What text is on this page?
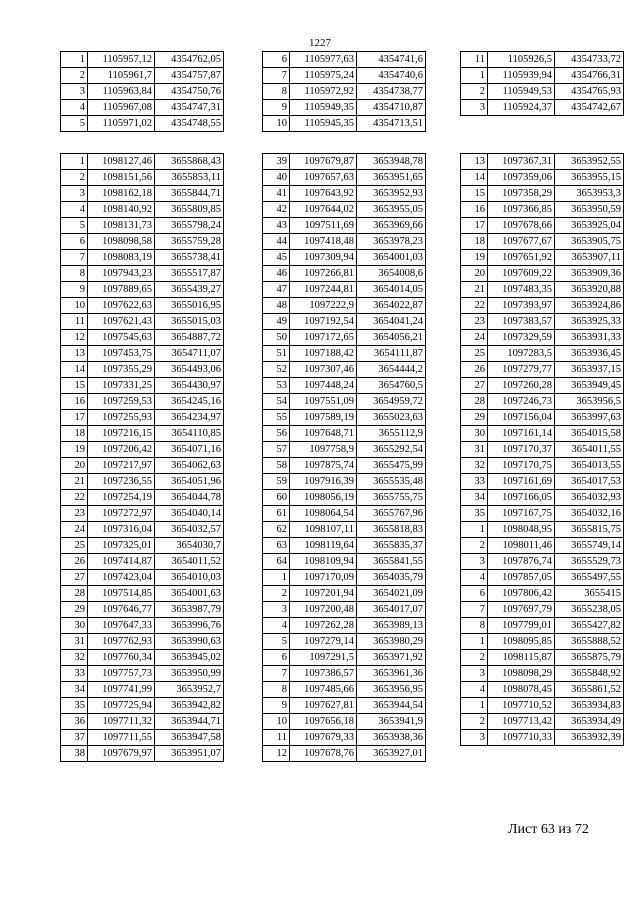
1227
1	1105957,12	4354762,05
2	1105961,7	4354757,87
3	1105963,84	4354750,76
4	1105967,08	4354747,31
5	1105971,02	4354748,55
6	1105977,63	4354741,6
7	1105975,24	4354740,6
8	1105972,92	4354738,77
9	1105949,35	4354710,87
10	1105945,35	4354713,51
11	1105926,5	4354733,72
1	1105939,94	4354766,31
2	1105949,53	4354765,93
3	1105924,37	4354742,67
1	1098127,46	3655868,43
2	1098151,56	3655853,11
3	1098162,18	3655844,71
4	1098140,92	3655809,85
5	1098131,73	3655798,24
6	1098098,58	3655759,28
7	1098083,19	3655738,41
8	1097943,23	3655517,87
9	1097889,65	3655439,27
10	1097622,63	3655016,95
11	1097621,43	3655015,03
12	1097545,63	3654887,72
13	1097453,75	3654711,07
14	1097355,29	3654493,06
15	1097331,25	3654430,97
16	1097259,53	3654245,16
17	1097255,93	3654234,97
18	1097216,15	3654110,85
19	1097206,42	3654071,16
20	1097217,97	3654062,63
21	1097236,55	3654051,96
22	1097254,19	3654044,78
23	1097272,97	3654040,14
24	1097316,04	3654032,57
25	1097325,01	3654030,7
26	1097414,87	3654011,52
27	1097423,04	3654010,03
28	1097514,85	3654001,63
29	1097646,77	3653987,79
30	1097647,33	3653996,76
31	1097762,93	3653990,63
32	1097760,34	3653945,02
33	1097757,73	3653950,99
34	1097741,99	3653952,7
35	1097725,94	3653942,82
36	1097711,32	3653944,71
37	1097711,55	3653947,58
38	1097679,97	3653951,07
39	1097679,87	3653948,78
40	1097657,63	3653951,65
41	1097643,92	3653952,93
42	1097644,02	3653955,05
43	1097511,69	3653969,66
44	1097418,48	3653978,23
45	1097309,94	3654001,03
46	1097266,81	3654008,6
47	1097244,81	3654014,05
48	1097222,9	3654022,87
49	1097192,54	3654041,24
50	1097172,65	3654056,21
51	1097188,42	3654111,87
52	1097307,46	3654444,2
53	1097448,24	3654760,5
54	1097551,09	3654959,72
55	1097589,19	3655023,63
56	1097648,71	3655112,9
57	1097758,9	3655292,54
58	1097875,74	3655475,99
59	1097916,39	3655535,48
60	1098056,19	3655755,75
61	1098064,54	3655767,96
62	1098107,11	3655818,83
63	1098119,64	3655835,37
64	1098109,94	3655841,55
1	1097170,09	3654035,79
2	1097201,94	3654021,09
3	1097200,48	3654017,07
4	1097262,28	3653989,13
5	1097279,14	3653980,29
6	1097291,5	3653971,92
7	1097386,57	3653961,36
8	1097485,66	3653956,95
9	1097627,81	3653944,54
10	1097656,18	3653941,9
11	1097679,33	3653938,36
12	1097678,76	3653927,01
13	1097367,31	3653952,55
14	1097359,06	3653955,15
15	1097358,29	3653953,3
16	1097366,85	3653950,59
17	1097678,66	3653925,04
18	1097677,67	3653905,75
19	1097651,92	3653907,11
20	1097609,22	3653909,36
21	1097483,35	3653920,88
22	1097393,97	3653924,86
23	1097383,57	3653925,33
24	1097329,59	3653931,33
25	1097283,5	3653936,45
26	1097279,77	3653937,15
27	1097260,28	3653949,45
28	1097246,73	3653956,5
29	1097156,04	3653997,63
30	1097161,14	3654015,58
31	1097170,37	3654011,55
32	1097170,75	3654013,55
33	1097161,69	3654017,53
34	1097166,05	3654032,93
35	1097167,75	3654032,16
1	1098048,95	3655815,75
2	1098011,46	3655749,14
3	1097876,74	3655529,73
4	1097857,05	3655497,55
6	1097806,42	3655415
7	1097697,79	3655238,05
8	1097799,01	3655427,82
1	1098095,85	3655888,52
2	1098115,87	3655875,79
3	1098098,29	3655848,92
4	1098078,45	3655861,52
1	1097710,52	3653934,83
2	1097713,42	3653934,49
3	1097710,33	3653932,39
Лист 63 из 72
